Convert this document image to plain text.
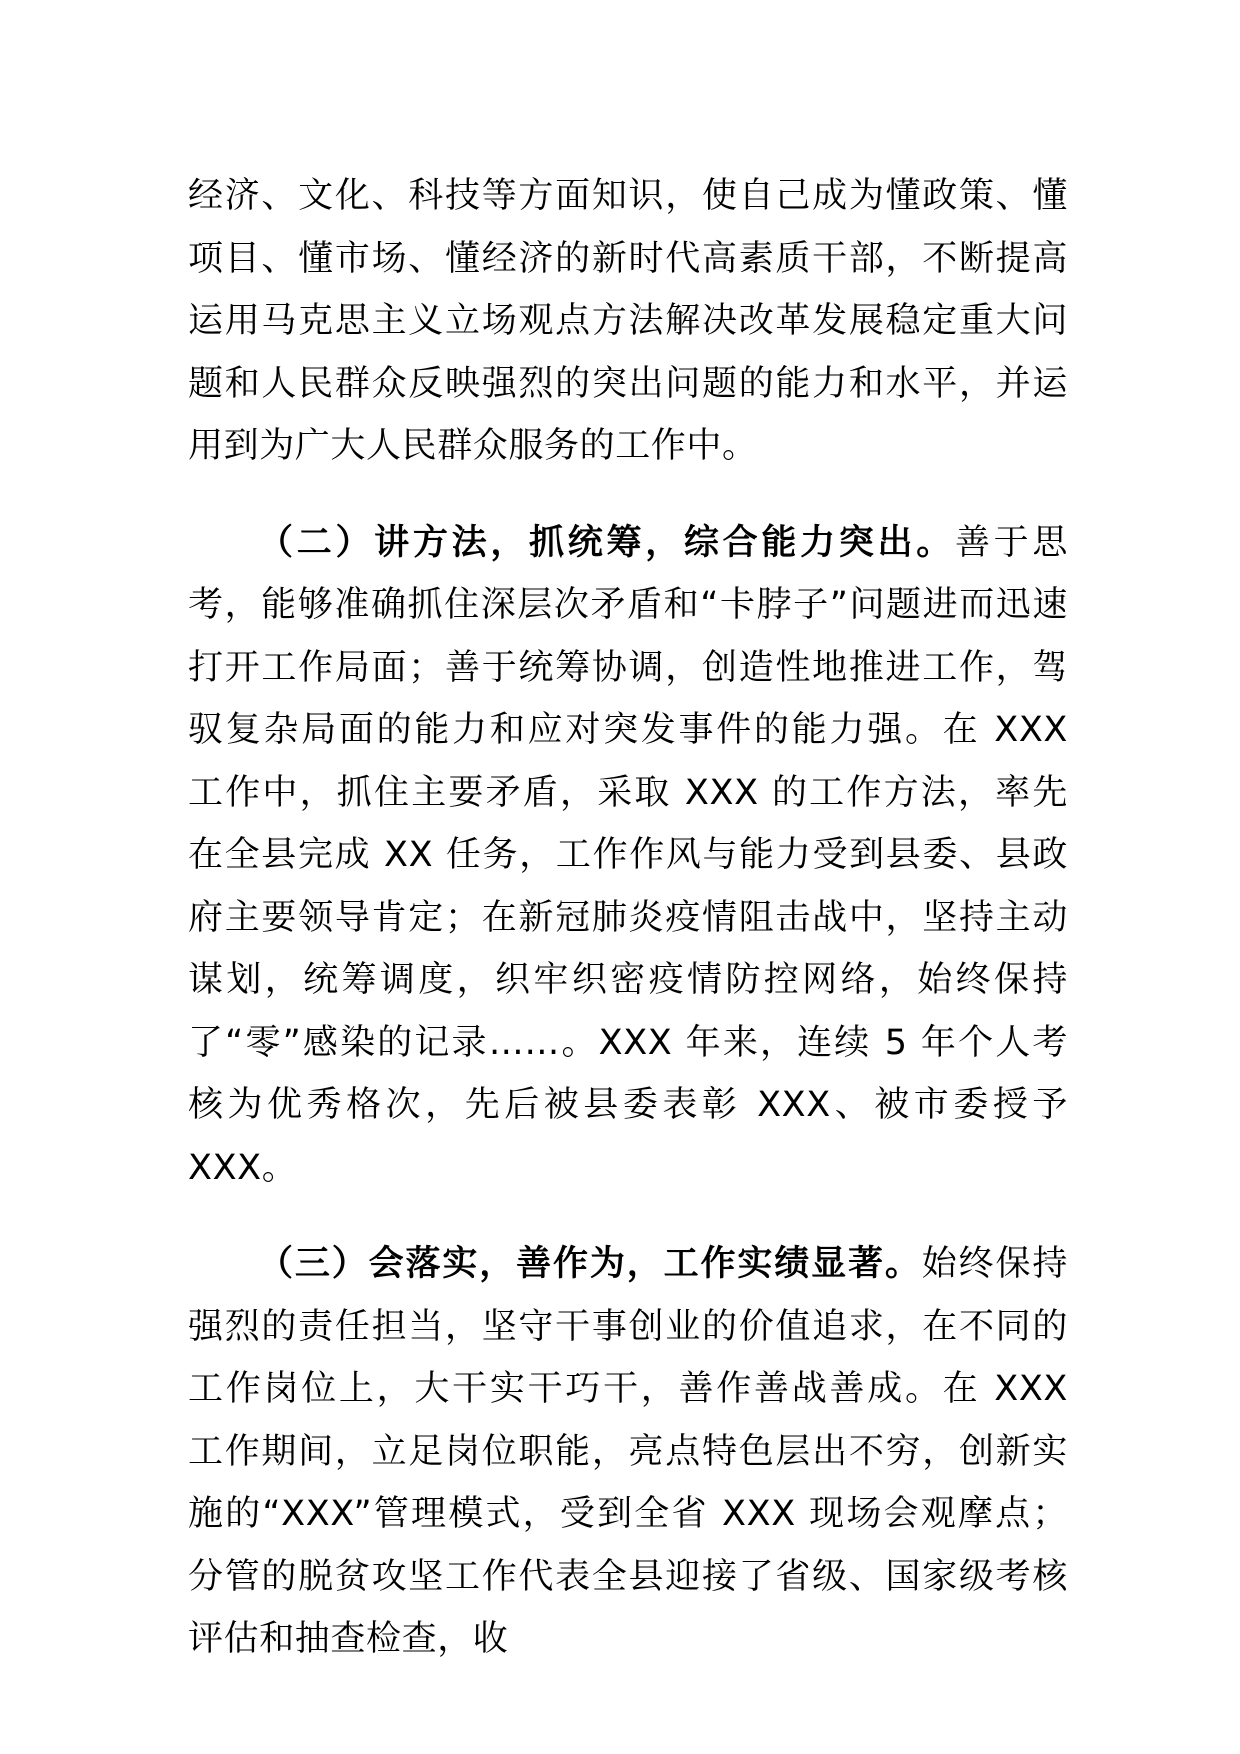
经济、文化、科技等方面知识，使自己成为懂政策、懂项目、懂市场、懂经济的新时代高素质干部，不断提高运用马克思主义立场观点方法解决改革发展稳定重大问题和人民群众反映强烈的突出问题的能力和水平，并运用到为广大人民群众服务的工作中。

（二）讲方法，抓统筹，综合能力突出。善于思考，能够准确抓住深层次矛盾和“卡脖子”问题进而迅速打开工作局面；善于统筹协调，创造性地推进工作，驾驭复杂局面的能力和应对突发事件的能力强。在 XXX 工作中，抓住主要矛盾，采取 XXX 的工作方法，率先在全县完成 XX 任务，工作作风与能力受到县委、县政府主要领导肯定；在新冠肺炎疫情阻击战中，坚持主动谋划，统筹调度，织牢织密疫情防控网络，始终保持了“零”感染的记录……。XXX 年来，连续 5 年个人考核为优秀格次，先后被县委表彰 XXX、被市委授予 XXX。

（三）会落实，善作为，工作实绩显著。始终保持强烈的责任担当，坚守干事创业的价值追求，在不同的工作岗位上，大干实干巧干，善作善战善成。在 XXX 工作期间，立足岗位职能，亮点特色层出不穷，创新实施的“XXX”管理模式，受到全省 XXX 现场会观摩点；分管的脱贫攻坚工作代表全县迎接了省级、国家级考核评估和抽查检查，收
